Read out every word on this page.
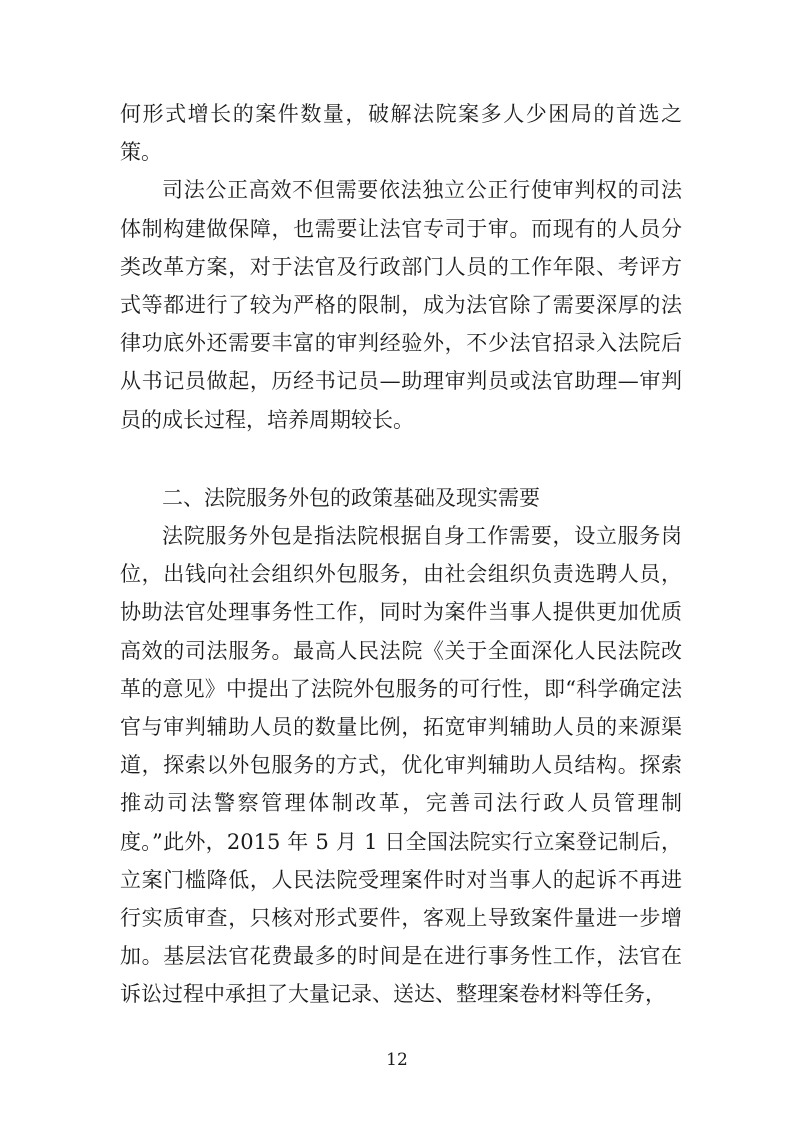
何形式增长的案件数量，破解法院案多人少困局的首选之策。

司法公正高效不但需要依法独立公正行使审判权的司法体制构建做保障，也需要让法官专司于审。而现有的人员分类改革方案，对于法官及行政部门人员的工作年限、考评方式等都进行了较为严格的限制，成为法官除了需要深厚的法律功底外还需要丰富的审判经验外，不少法官招录入法院后从书记员做起，历经书记员—助理审判员或法官助理—审判员的成长过程，培养周期较长。

二、法院服务外包的政策基础及现实需要

法院服务外包是指法院根据自身工作需要，设立服务岗位，出钱向社会组织外包服务，由社会组织负责选聘人员，协助法官处理事务性工作，同时为案件当事人提供更加优质高效的司法服务。最高人民法院《关于全面深化人民法院改革的意见》中提出了法院外包服务的可行性，即“科学确定法官与审判辅助人员的数量比例，拓宽审判辅助人员的来源渠道，探索以外包服务的方式，优化审判辅助人员结构。探索推动司法警察管理体制改革，完善司法行政人员管理制度。”此外，2015 年 5 月 1 日全国法院实行立案登记制后，立案门槛降低，人民法院受理案件时对当事人的起诉不再进行实质审查，只核对形式要件，客观上导致案件量进一步增加。基层法官花费最多的时间是在进行事务性工作，法官在诉讼过程中承担了大量记录、送达、整理案卷材料等任务，

12
